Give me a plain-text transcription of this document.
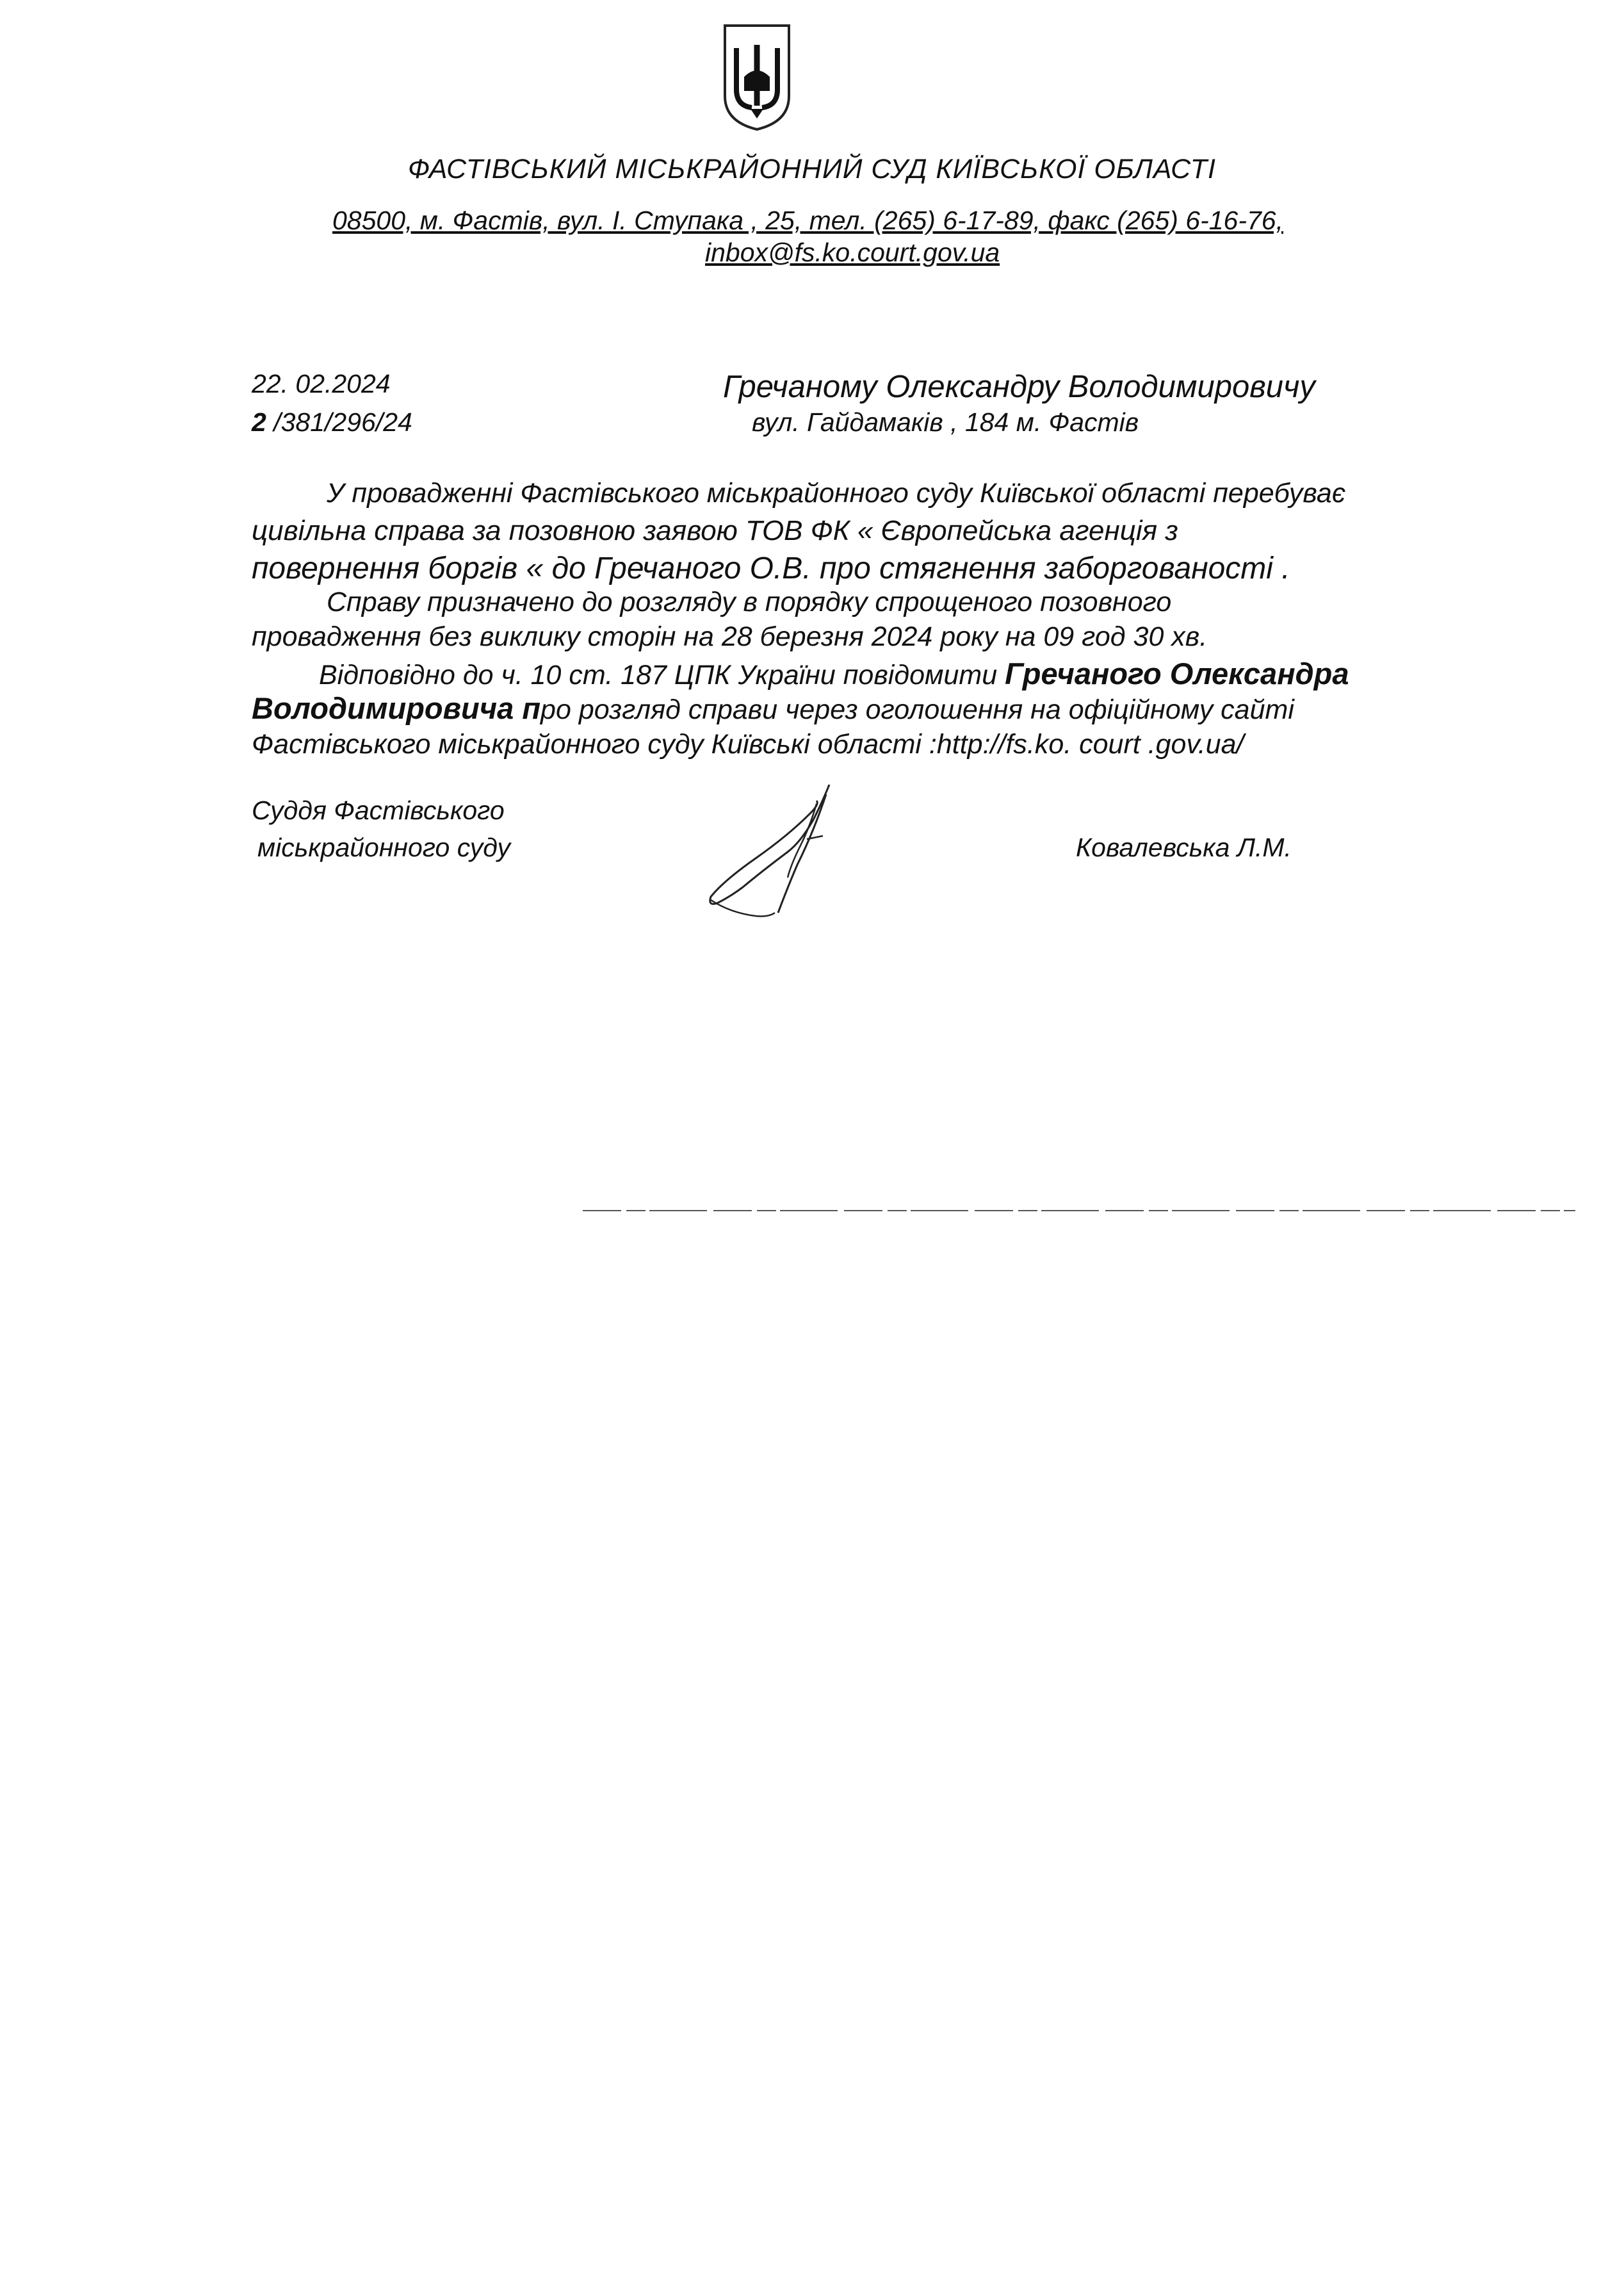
ФАСТІВСЬКИЙ МІСЬКРАЙОННИЙ СУД КИЇВСЬКОЇ ОБЛАСТІ
08500, м. Фастів, вул. І. Ступака , 25, тел. (265) 6-17-89, факс (265) 6-16-76,
inbox@fs.ko.court.gov.ua
22. 02.2024
2 /381/296/24
Гречаному Олександру Володимировичу
вул. Гайдамаків , 184 м. Фастів
У провадженні Фастівського міськрайонного суду Київської області перебуває
цивільна справа за позовною заявою ТОВ ФК « Європейська агенція з
повернення боргів « до Гречаного О.В. про стягнення заборгованості .
Справу призначено до розгляду в порядку спрощеного позовного
провадження без виклику сторін на 28 березня 2024 року на 09 год 30 хв.
Відповідно до ч. 10 ст. 187 ЦПК України повідомити Гречаного Олександра
Володимировича про розгляд справи через оголошення на офіційному сайті
Фастівського міськрайонного суду Київські області :http://fs.ko. court .gov.ua/
Суддя Фастівського
міськрайонного суду	Ковалевська Л.М.
